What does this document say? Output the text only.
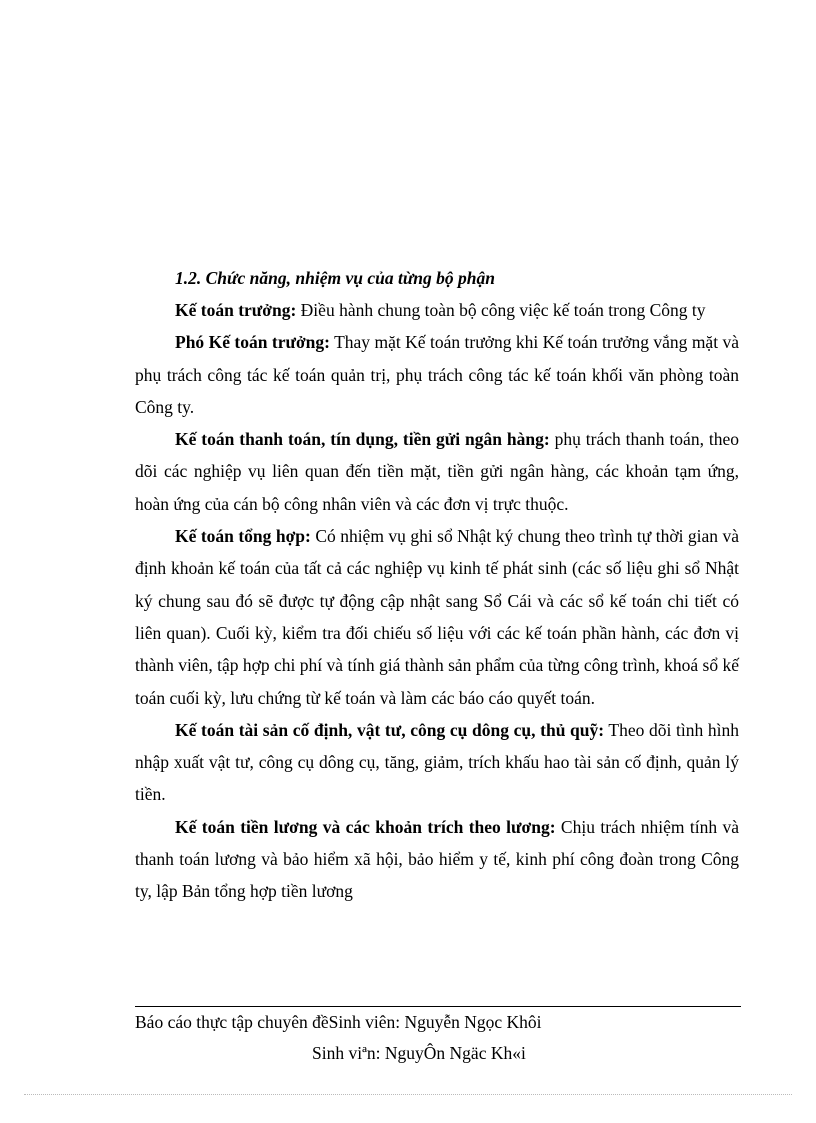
1.2. Chức năng, nhiệm vụ của từng bộ phận

Kế toán trưởng: Điều hành chung toàn bộ công việc kế toán trong Công ty

Phó Kế toán trưởng: Thay mặt Kế toán trưởng khi Kế toán trưởng vắng mặt và phụ trách công tác kế toán quản trị, phụ trách công tác kế toán khối văn phòng toàn Công ty.

Kế toán thanh toán, tín dụng, tiền gửi ngân hàng: phụ trách thanh toán, theo dõi các nghiệp vụ liên quan đến tiền mặt, tiền gửi ngân hàng, các khoản tạm ứng, hoàn ứng của cán bộ công nhân viên và các đơn vị trực thuộc.

Kế toán tổng hợp: Có nhiệm vụ ghi sổ Nhật ký chung theo trình tự thời gian và định khoản kế toán của tất cả các nghiệp vụ kinh tế phát sinh (các số liệu ghi sổ Nhật ký chung sau đó sẽ được tự động cập nhật sang Sổ Cái và các sổ kế toán chi tiết có liên quan). Cuối kỳ, kiểm tra đối chiếu số liệu với các kế toán phần hành, các đơn vị thành viên, tập hợp chi phí và tính giá thành sản phẩm của từng công trình, khoá sổ kế toán cuối kỳ, lưu chứng từ kế toán và làm các báo cáo quyết toán.

Kế toán tài sản cố định, vật tư, công cụ dông cụ, thủ quỹ: Theo dõi tình hình nhập xuất vật tư, công cụ dông cụ, tăng, giảm, trích khấu hao tài sản cố định, quản lý tiền.

Kế toán tiền lương và các khoản trích theo lương: Chịu trách nhiệm tính và thanh toán lương và bảo hiểm xã hội, bảo hiểm y tế, kinh phí công đoàn trong Công ty, lập Bản tổng hợp tiền lương

Báo cáo thực tập chuyên đềSinh viên: Nguyễn Ngọc Khôi
Sinh viªn: NguyÔn Ngäc Kh«i
